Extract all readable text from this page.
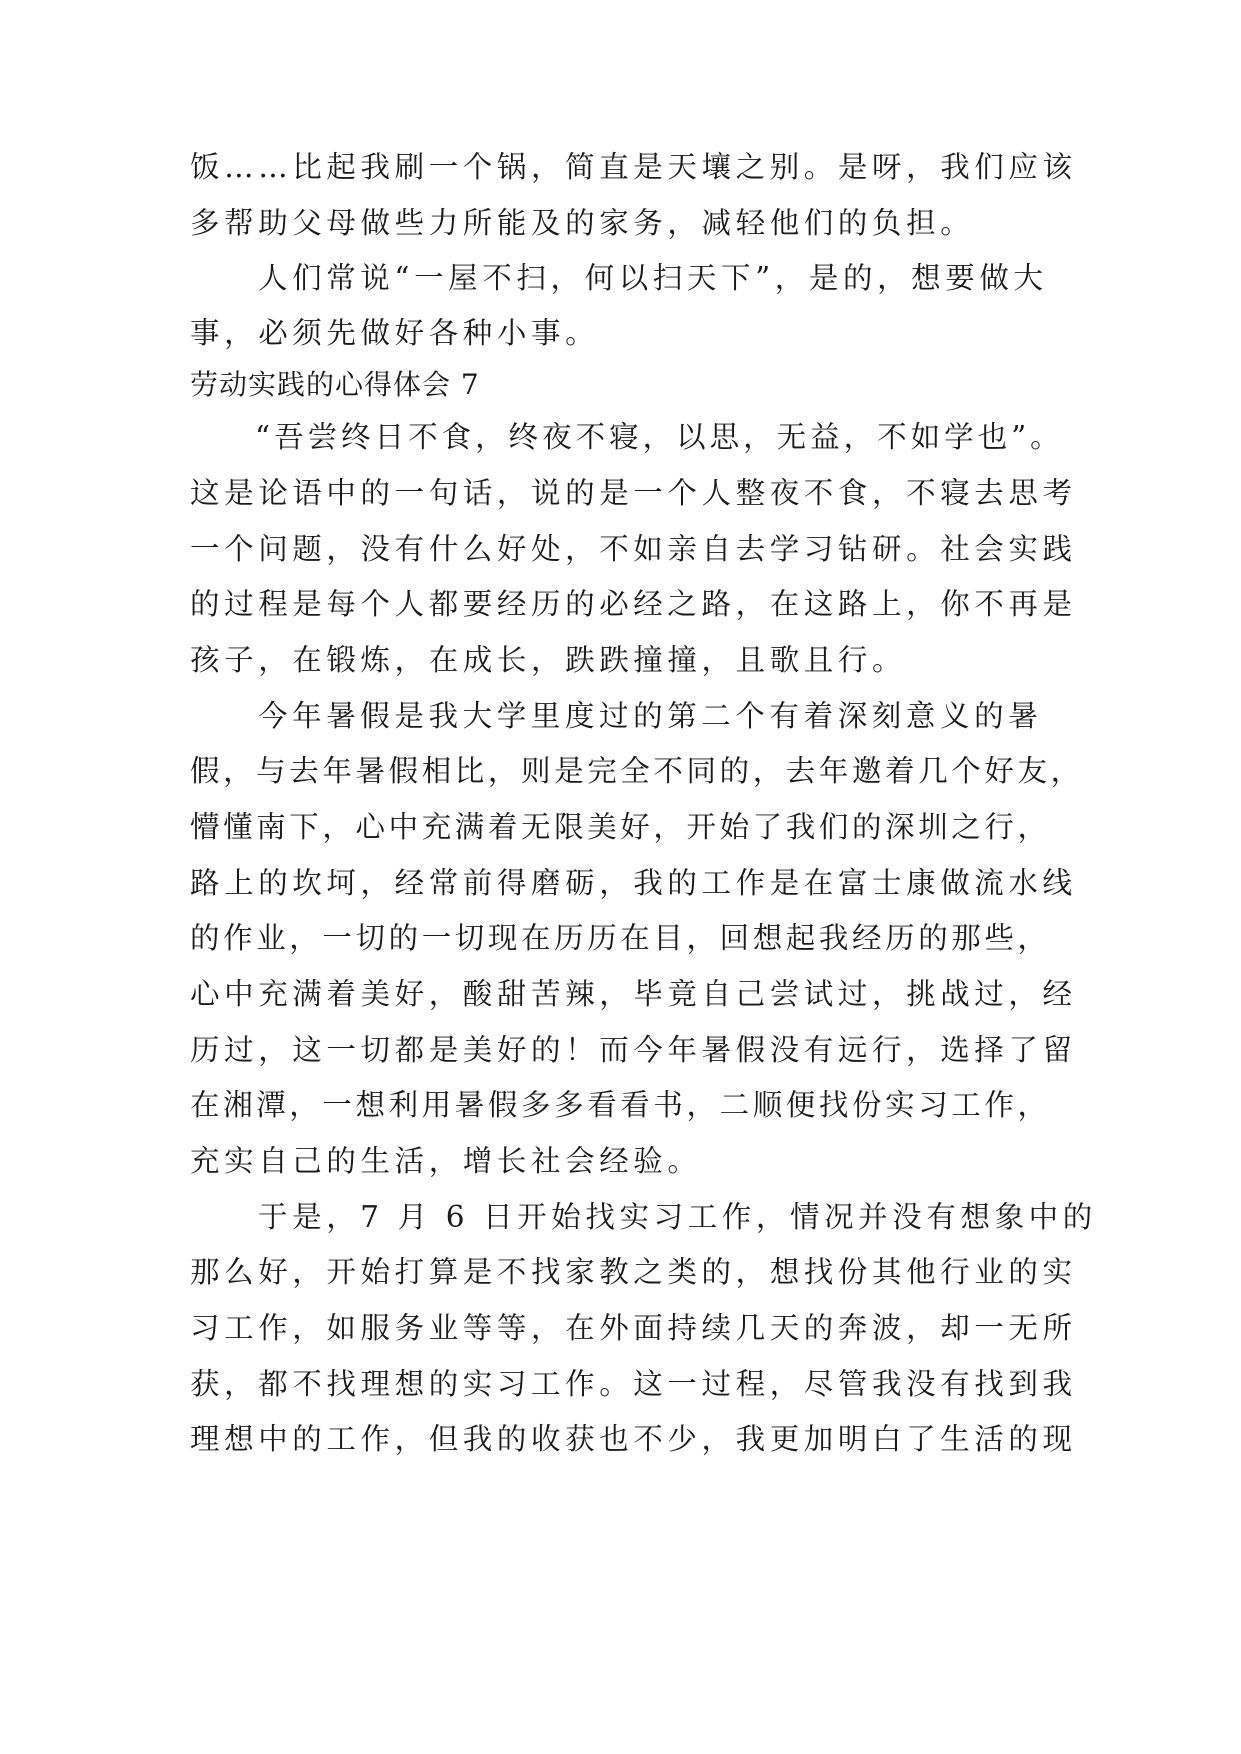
饭……比起我刷一个锅，简直是天壤之别。是呀，我们应该
多帮助父母做些力所能及的家务，减轻他们的负担。
人们常说“一屋不扫，何以扫天下”，是的，想要做大
事，必须先做好各种小事。
劳动实践的心得体会 7
“吾尝终日不食，终夜不寝，以思，无益，不如学也”。
这是论语中的一句话，说的是一个人整夜不食，不寝去思考
一个问题，没有什么好处，不如亲自去学习钻研。社会实践
的过程是每个人都要经历的必经之路，在这路上，你不再是
孩子，在锻炼，在成长，跌跌撞撞，且歌且行。
今年暑假是我大学里度过的第二个有着深刻意义的暑
假，与去年暑假相比，则是完全不同的，去年邀着几个好友，
懵懂南下，心中充满着无限美好，开始了我们的深圳之行，
路上的坎坷，经常前得磨砺，我的工作是在富士康做流水线
的作业，一切的一切现在历历在目，回想起我经历的那些，
心中充满着美好，酸甜苦辣，毕竟自己尝试过，挑战过，经
历过，这一切都是美好的！而今年暑假没有远行，选择了留
在湘潭，一想利用暑假多多看看书，二顺便找份实习工作，
充实自己的生活，增长社会经验。
于是，7 月 6 日开始找实习工作，情况并没有想象中的
那么好，开始打算是不找家教之类的，想找份其他行业的实
习工作，如服务业等等，在外面持续几天的奔波，却一无所
获，都不找理想的实习工作。这一过程，尽管我没有找到我
理想中的工作，但我的收获也不少，我更加明白了生活的现
